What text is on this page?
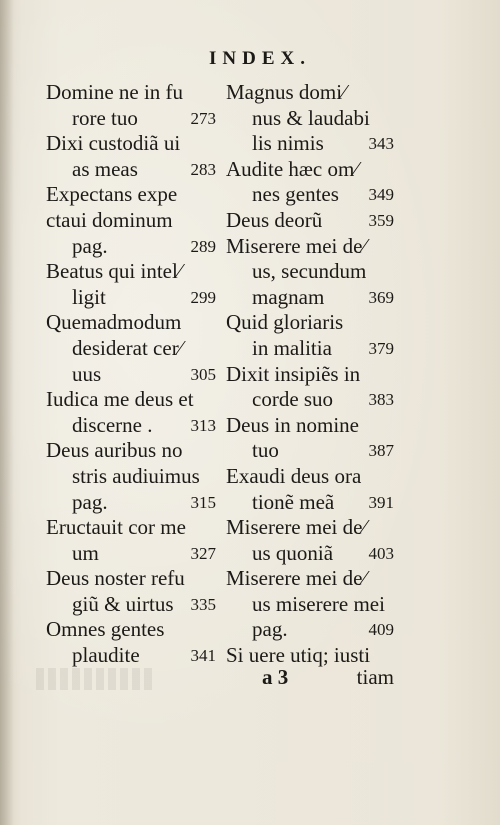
INDEX.
Domine ne in fu
rore tuo	273
Dixi custodiã ui
as meas	283
Expectans expe
ctaui dominum
pag.	289
Beatus qui intel⁄
ligit	299
Quemadmodum
desiderat cer⁄
uus	305
Iudica me deus et
discerne . 313
Deus auribus no
stris audiuimus
pag.	315
Eructauit cor me
um	327
Deus noster refu
giũ & uirtus 335
Omnes gentes
plaudite	341
Magnus domi⁄
nus & laudabi
lis nimis	343
Audite hæc om⁄
nes gentes 349
Deus deorũ	359
Miserere mei de⁄
us, secundum
magnam	369
Quid gloriaris
in malitia 379
Dixit insipiẽs in
corde suo 383
Deus in nomine
tuo	387
Exaudi deus ora
tionẽ meã 391
Miserere mei de⁄
us quoniã 403
Miserere mei de⁄
us miserere mei
pag.	409
Si uere utiq; iusti
a 3	tiam
